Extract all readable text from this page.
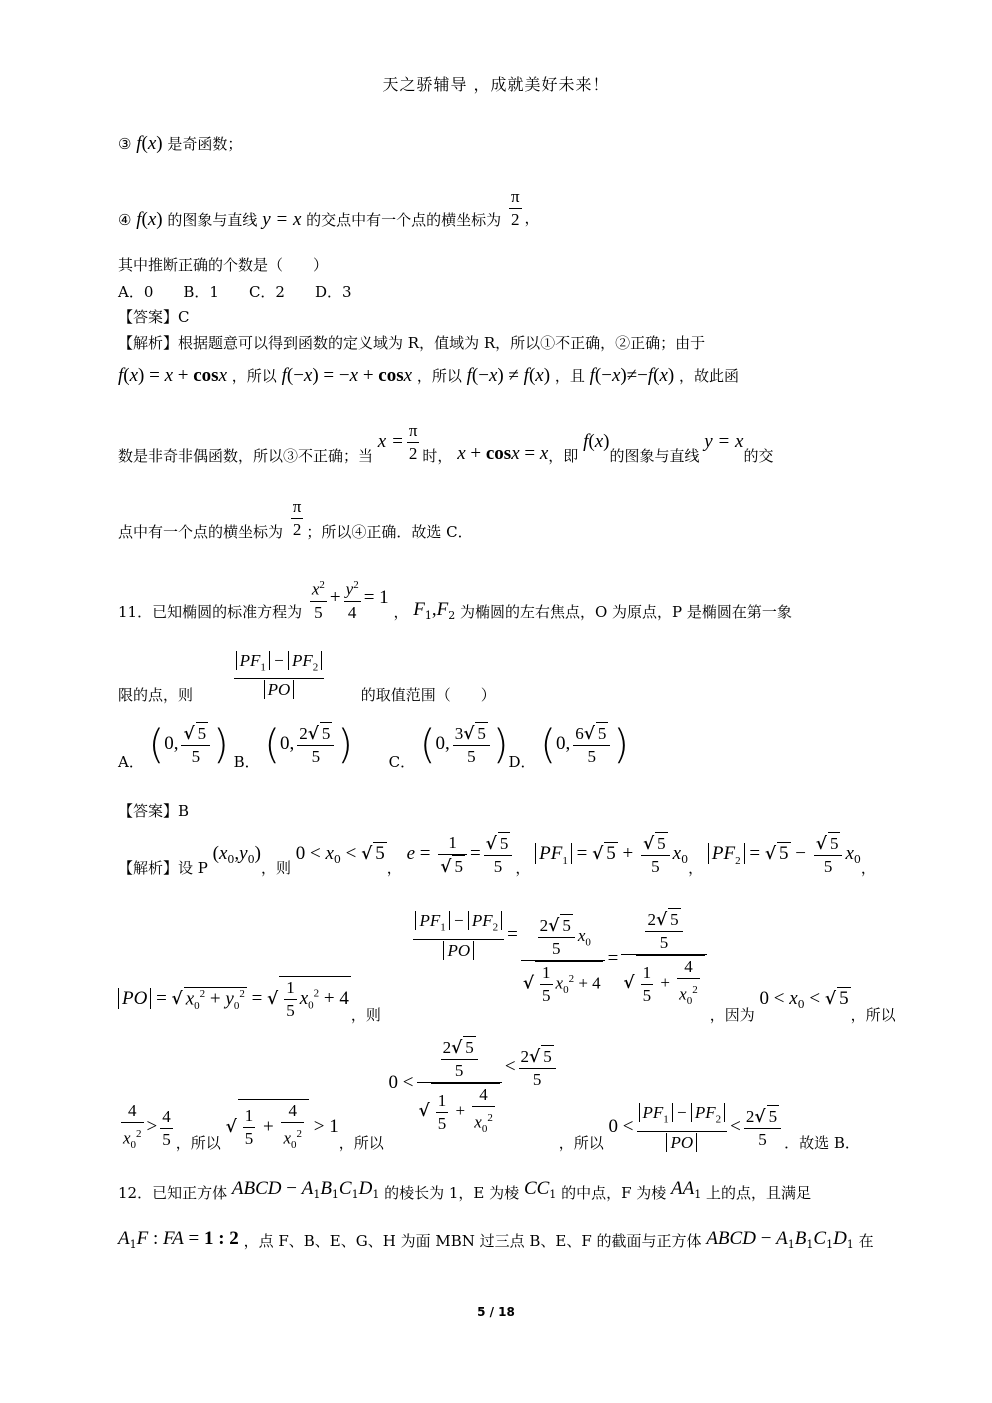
天之骄辅导 ，成就美好未来！
③ f(x) 是奇函数；
④ f(x) 的图象与直线 y = x 的交点中有一个点的横坐标为 $\frac{\pi}{2}$ ，
其中推断正确的个数是（　　）
A．0　　B．1　　C．2　　D．3
【答案】C
【解析】根据题意可以得到函数的定义域为 R，值域为 R，所以①不正确，②正确；由于
f(x) = x + cosx ，所以 f(−x) = −x + cosx ，所以 f(−x) ≠ f(x) ，且 f(−x)≠−f(x) ，故此函
数是非奇非偶函数，所以③不正确；当 $x = \frac{\pi}{2}$ 时， x + cosx = x，即 f(x)的图象与直线 y = x的交
点中有一个点的横坐标为 $\frac{\pi}{2}$ ；所以④正确．故选 C．
11．已知椭圆的标准方程为 $\frac{x^2}{5} + \frac{y^2}{4} = 1$ ， $F_1,F_2$ 为椭圆的左右焦点，O 为原点，P 是椭圆在第一象
限的点，则 $\frac{PF_1 - PF_2}{PO}$ 的取值范围（　　）
A． (0, $\frac{√ 5}{5}$ ) B． (0, $\frac{2√ 5}{5}$ ) C． (0, $\frac{3√ 5}{5} )D$． (0, $\frac{6√ 5}{5}$ )
【答案】B
【解析】设 P $(x_0,y_0)$，则 $0 < x_0$ < √ 5， $e = \frac{1}{√ 5} = \frac{√ 5}{5}$ ， $PF_1$ = √ $5 + \frac{√ 5}{5} x_0$， $PF_2$ = √ $5 - \frac{√ 5}{5} x_0$，
PO = √ $x_0^2 + y_0^2$ = √ $\frac{1}{5} x_0^2 + 4$，则
$\frac{PF_1 - PF_2}{PO} = \frac{\frac{2√ 5}{5} x_0}{√ \frac{1}{5} x_0^2 + 4} = \frac{\frac{2√ 5}{5}}{√ \frac{1}{5} + \frac{4}{x_0^2}}$
，因为 $0 < x_0$ < √ 5，所以
$\frac{4}{x_0^2} > \frac{4}{5}$ ，所以 √ $\frac{1}{5} + \frac{4}{x_0^2} > 1$，所以 $0 < \frac{\frac{2√ 5}{5}}{√ \frac{1}{5} + \frac{4}{x_0^2}} < \frac{2√ 5}{5}$
，所以 $0 < \frac{PF_1 - PF_2}{PO} < \frac{2√ 5}{5}$ ．故选 B．
12．已知正方体 ABCD − $A_1B_1C_1D_1$ 的棱长为 1，E 为棱 $CC_1$ 的中点，F 为棱 $AA_1$ 上的点，且满足
$A_1F$ : FA = 1 : 2 ，点 F、B、E、G、H 为面 MBN 过三点 B、E、F 的截面与正方体 ABCD − $A_1B_1C_1D_1$ 在
5 / 18
